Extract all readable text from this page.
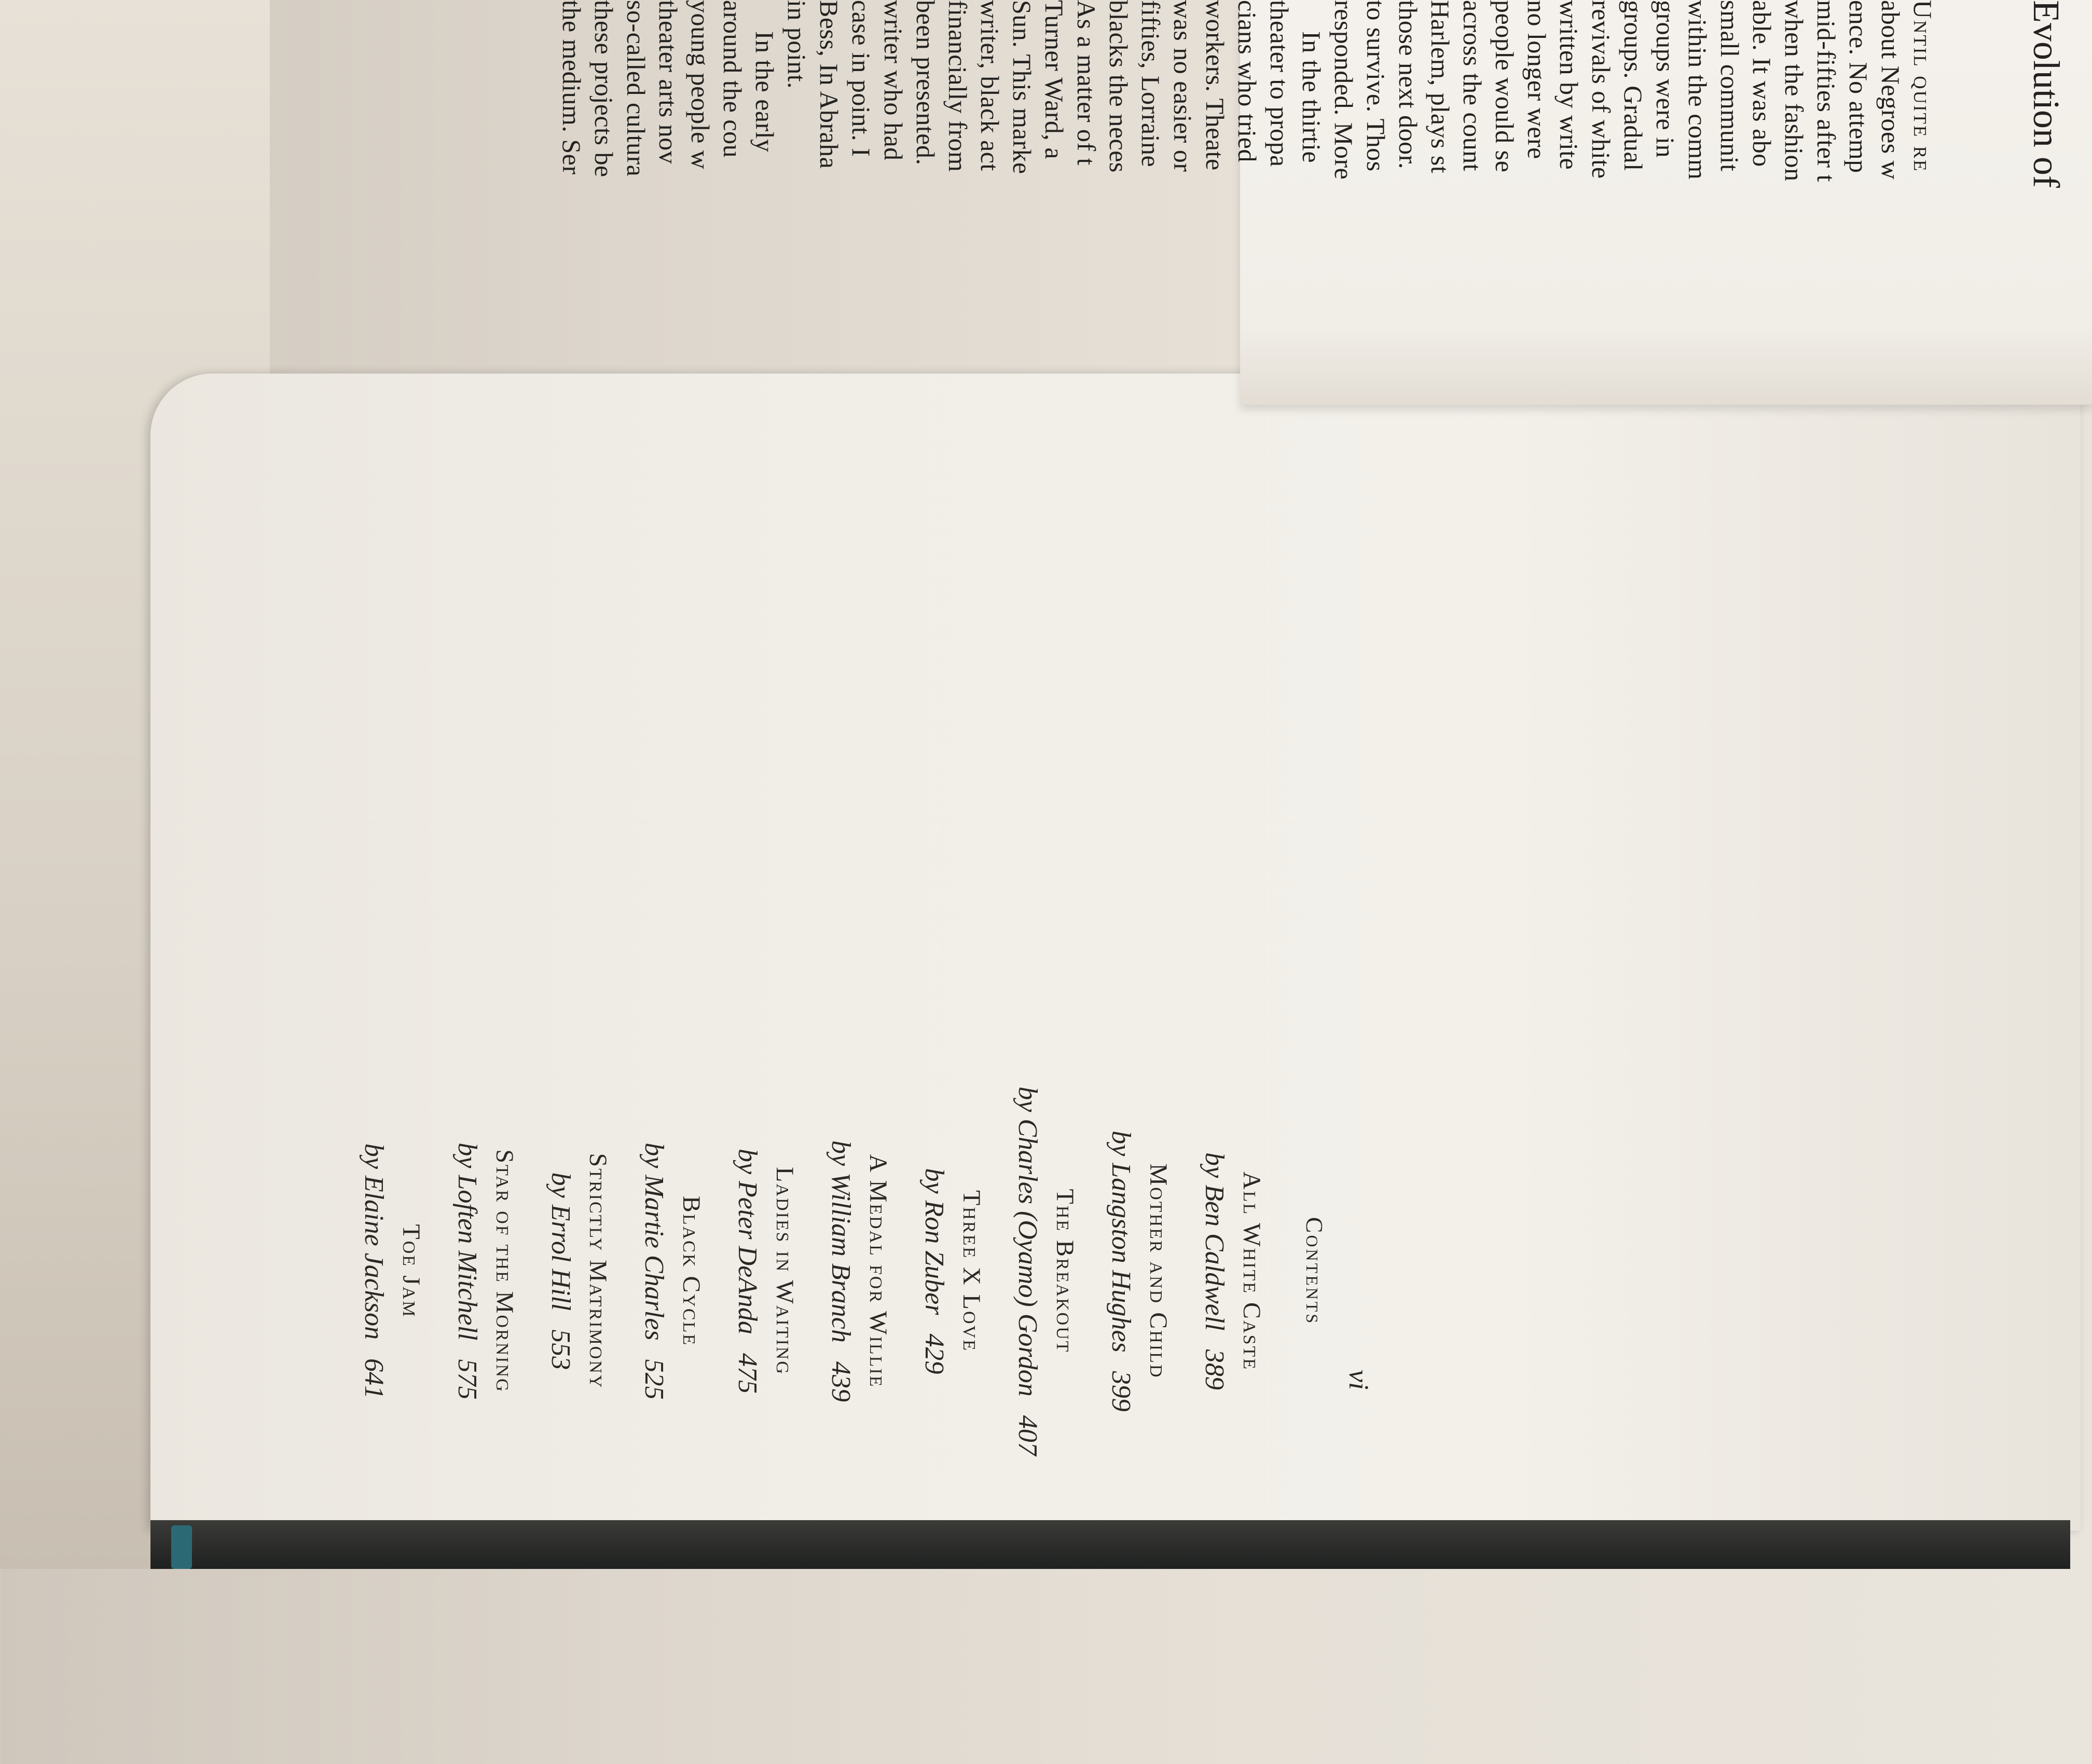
Contents
All White Caste
by Ben Caldwell389
Mother and Child
by Langston Hughes399
The Breakout
by Charles (Oyamo) Gordon407
Three X Love
by Ron Zuber429
A Medal for Willie
by William Branch439
Ladies in Waiting
by Peter DeAnda475
Black Cycle
by Martie Charles525
Strictly Matrimony
by Errol Hill553
Star of the Morning
by Loften Mitchell575
Toe Jam
by Elaine Jackson641	vi
Evolution of
Until quite re
about Negroes w
ence. No attemp
mid-fifties after t
when the fashion
able. It was abo
small communit
within the comm
groups were in
groups. Gradual
revivals of white
written by write
no longer were
people would se
across the count
Harlem, plays st
those next door.
to survive. Thos
responded. More
In the thirtie
theater to propa
cians who tried
workers. Theate
was no easier or
fifties, Lorraine
blacks the neces
As a matter of t
Turner Ward, a
Sun. This marke
writer, black act
financially from
been presented.
writer who had
case in point. I
Bess, In Abraha
in point.
In the early
around the cou
young people w
theater arts nov
so-called cultura
these projects be
the medium. Ser
